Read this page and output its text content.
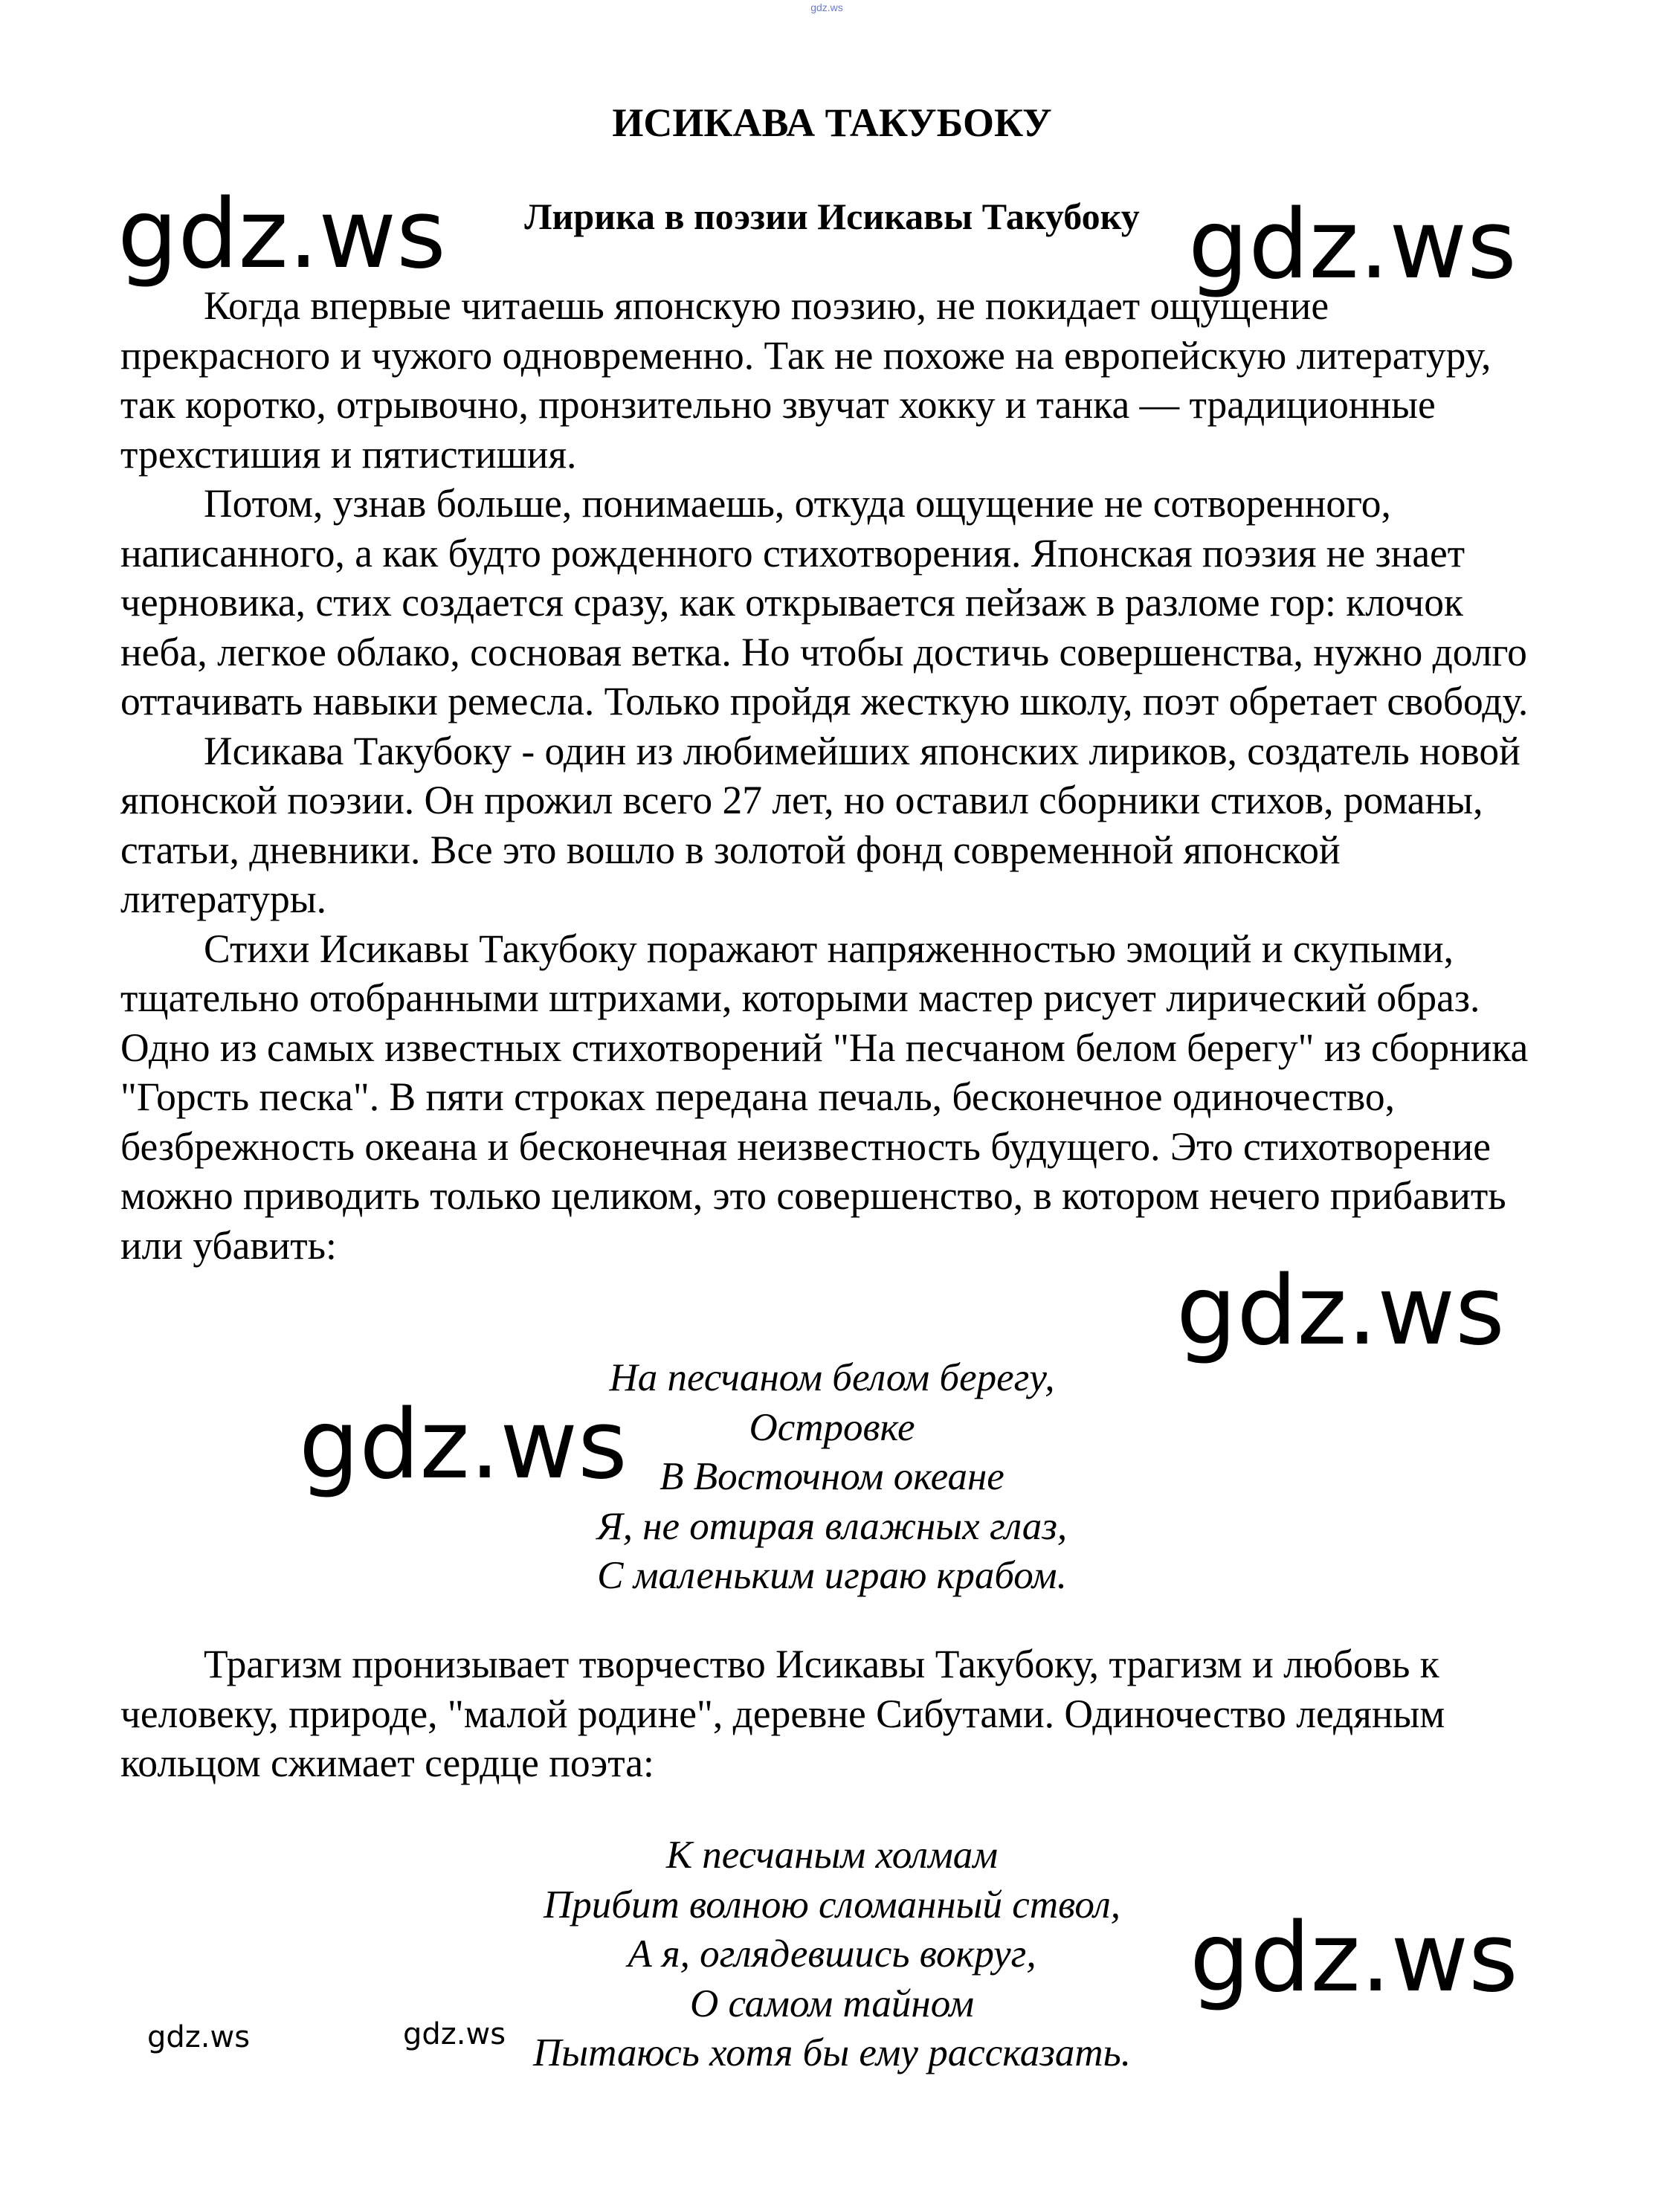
gdz.ws
ИСИКАВА ТАКУБОКУ
Лирика в поэзии Исикавы Такубоку

Когда впервые читаешь японскую поэзию, не покидает ощущение прекрасного и чужого одновременно. Так не похоже на европейскую литературу, так коротко, отрывочно, пронзительно звучат хокку и танка — традиционные трехстишия и пятистишия.

Потом, узнав больше, понимаешь, откуда ощущение не сотворенного, написанного, а как будто рожденного стихотворения. Японская поэзия не знает черновика, стих создается сразу, как открывается пейзаж в разломе гор: клочок неба, легкое облако, сосновая ветка. Но чтобы достичь совершенства, нужно долго оттачивать навыки ремесла. Только пройдя жесткую школу, поэт обретает свободу.

Исикава Такубоку - один из любимейших японских лириков, создатель новой японской поэзии. Он прожил всего 27 лет, но оставил сборники стихов, романы, статьи, дневники. Все это вошло в золотой фонд современной японской литературы.

Стихи Исикавы Такубоку поражают напряженностью эмоций и скупыми, тщательно отобранными штрихами, которыми мастер рисует лирический образ. Одно из самых известных стихотворений "На песчаном белом берегу" из сборника "Горсть песка". В пяти строках передана печаль, бесконечное одиночество, безбрежность океана и бесконечная неизвестность будущего. Это стихотворение можно приводить только целиком, это совершенство, в котором нечего прибавить или убавить:

На песчаном белом берегу,
Островке
В Восточном океане
Я, не отирая влажных глаз,
С маленьким играю крабом.

Трагизм пронизывает творчество Исикавы Такубоку, трагизм и любовь к человеку, природе, "малой родине", деревне Сибутами. Одиночество ледяным кольцом сжимает сердце поэта:

К песчаным холмам
Прибит волною сломанный ствол,
А я, оглядевшись вокруг,
О самом тайном
Пытаюсь хотя бы ему рассказать.
gdz.ws	gdz.ws
gdz.ws
gdz.ws
gdz.ws
gdz.ws	gdz.ws
